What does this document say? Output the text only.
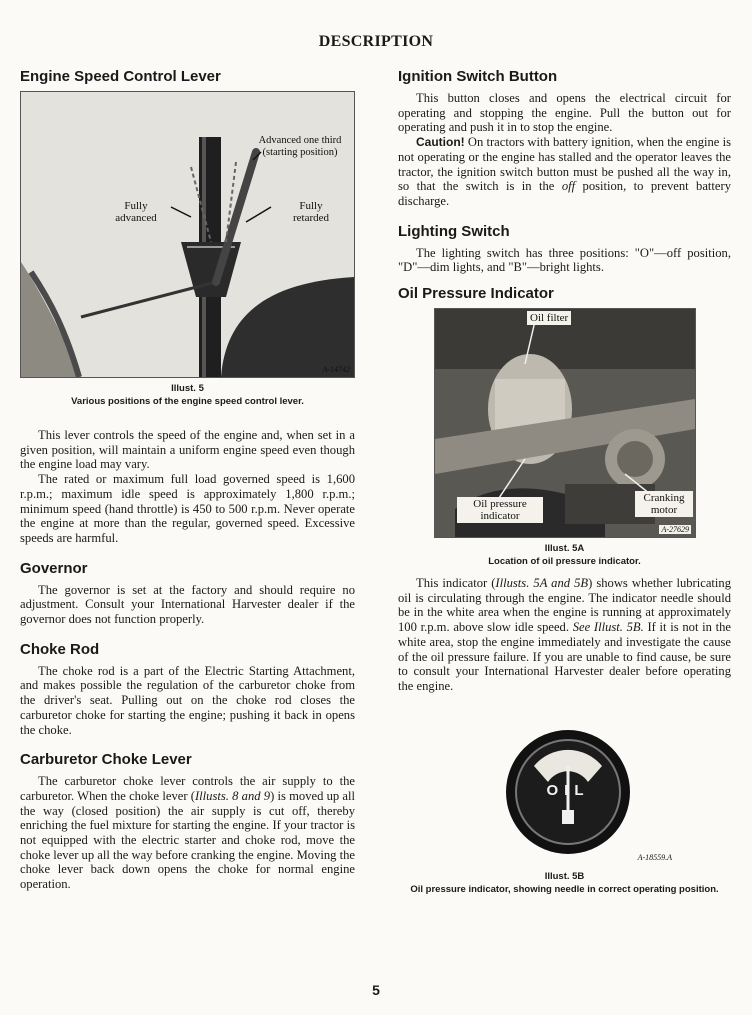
DESCRIPTION
Engine Speed Control Lever
Advanced one third (starting position)
Fully advanced
Fully retarded
A-14742
Illust. 5
Various positions of the engine speed control lever.

This lever controls the speed of the engine and, when set in a given position, will maintain a uniform engine speed even though the engine load may vary.

The rated or maximum full load governed speed is 1,600 r.p.m.; maximum idle speed is approximately 1,800 r.p.m.; minimum speed (hand throttle) is 450 to 500 r.p.m. Never operate the engine at more than the regular, governed speed. Excessive speeds are harmful.

Governor

The governor is set at the factory and should require no adjustment. Consult your International Harvester dealer if the governor does not function properly.

Choke Rod

The choke rod is a part of the Electric Starting Attachment, and makes possible the regulation of the carburetor choke from the driver's seat. Pulling out on the choke rod closes the carburetor choke for starting the engine; pushing it back in opens the choke.

Carburetor Choke Lever

The carburetor choke lever controls the air supply to the carburetor. When the choke lever (Illusts. 8 and 9) is moved up all the way (closed position) the air supply is cut off, thereby enriching the fuel mixture for starting the engine. If your tractor is not equipped with the electric starter and choke rod, move the choke lever up all the way before cranking the engine. Moving the choke lever back down opens the choke for normal engine operation.

Ignition Switch Button

This button closes and opens the electrical circuit for operating and stopping the engine. Pull the button out for operating and push it in to stop the engine.

Caution! On tractors with battery ignition, when the engine is not operating or the engine has stalled and the operator leaves the tractor, the ignition switch button must be pushed all the way in, so that the switch is in the off position, to prevent battery discharge.

Lighting Switch

The lighting switch has three positions: "O"—off position, "D"—dim lights, and "B"—bright lights.

Oil Pressure Indicator
Oil filter
Oil pressure indicator
Cranking motor
A-27629
Illust. 5A
Location of oil pressure indicator.

This indicator (Illusts. 5A and 5B) shows whether lubricating oil is circulating through the engine. The indicator needle should be in the white area when the engine is running at approximately 100 r.p.m. above slow idle speed. See Illust. 5B. If it is not in the white area, stop the engine immediately and investigate the cause of the oil pressure failure. If you are unable to find cause, be sure to consult your International Harvester dealer before operating the engine.

OIL
A-18559.A
Illust. 5B
Oil pressure indicator, showing needle in correct operating position.
5
